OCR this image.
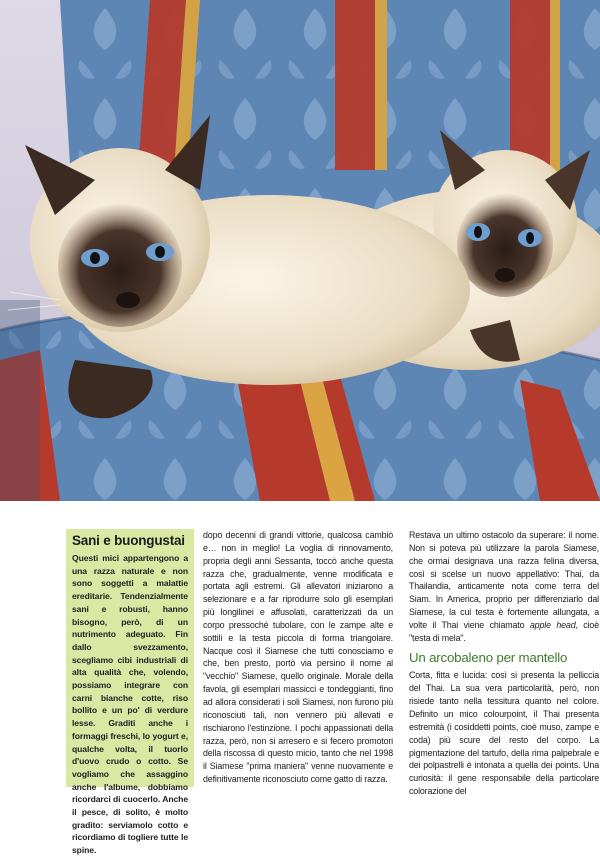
Sani e buongustai

Questi mici appartengono a una razza naturale e non sono soggetti a malattie ereditarie. Tendenzialmente sani e robusti, hanno bisogno, però, di un nutrimento adeguato. Fin dallo svezzamento, scegliamo cibi industriali di alta qualità che, volendo, possiamo integrare con carni bianche cotte, riso bollito e un po' di verdure lesse. Graditi anche i formaggi freschi, lo yogurt e, qualche volta, il tuorlo d'uovo crudo o cotto. Se vogliamo che assaggino anche l'albume, dobbiamo ricordarci di cuocerlo. Anche il pesce, di solito, è molto gradito: serviamolo cotto e ricordiamo di togliere tutte le spine.

dopo decenni di grandi vittorie, qualcosa cambiò e… non in meglio! La voglia di rinnovamento, propria degli anni Sessanta, toccò anche questa razza che, gradualmente, venne modificata e portata agli estremi. Gli allevatori iniziarono a selezionare e a far riprodurre solo gli esemplari più longilinei e affusolati, caratterizzati da un corpo pressoché tubolare, con le zampe alte e sottili e la testa piccola di forma triangolare. Nacque così il Siamese che tutti conosciamo e che, ben presto, portò via persino il nome al "vecchio" Siamese, quello originale. Morale della favola, gli esemplari massicci e tondeggianti, fino ad allora considerati i soli Siamesi, non furono più riconosciuti tali, non vennero più allevati e rischiarono l'estinzione. I pochi appassionati della razza, però, non si arresero e si fecero promotori della riscossa di questo micio, tanto che nel 1998 il Siamese "prima maniera" venne nuovamente e definitivamente riconosciuto come gatto di razza.

Restava un ultimo ostacolo da superare: il nome. Non si poteva più utilizzare la parola Siamese, che ormai designava una razza felina diversa, così si scelse un nuovo appellativo: Thai, da Thailandia, anticamente nota come terra del Siam. In America, proprio per differenziarlo dal Siamese, la cui testa è fortemente allungata, a volte il Thai viene chiamato apple head, cioè "testa di mela".

Un arcobaleno per mantello

Corta, fitta e lucida: così si presenta la pelliccia del Thai. La sua vera particolarità, però, non risiede tanto nella tessitura quanto nel colore. Definito un mico colourpoint, il Thai presenta estremità (i cosiddetti points, cioè muso, zampe e coda) più scure del resto del corpo. La pigmentazione del tartufo, della rima palpebrale e dei polpastrelli è intonata a quella dei points. Una curiosità: il gene responsabile della particolare colorazione del
